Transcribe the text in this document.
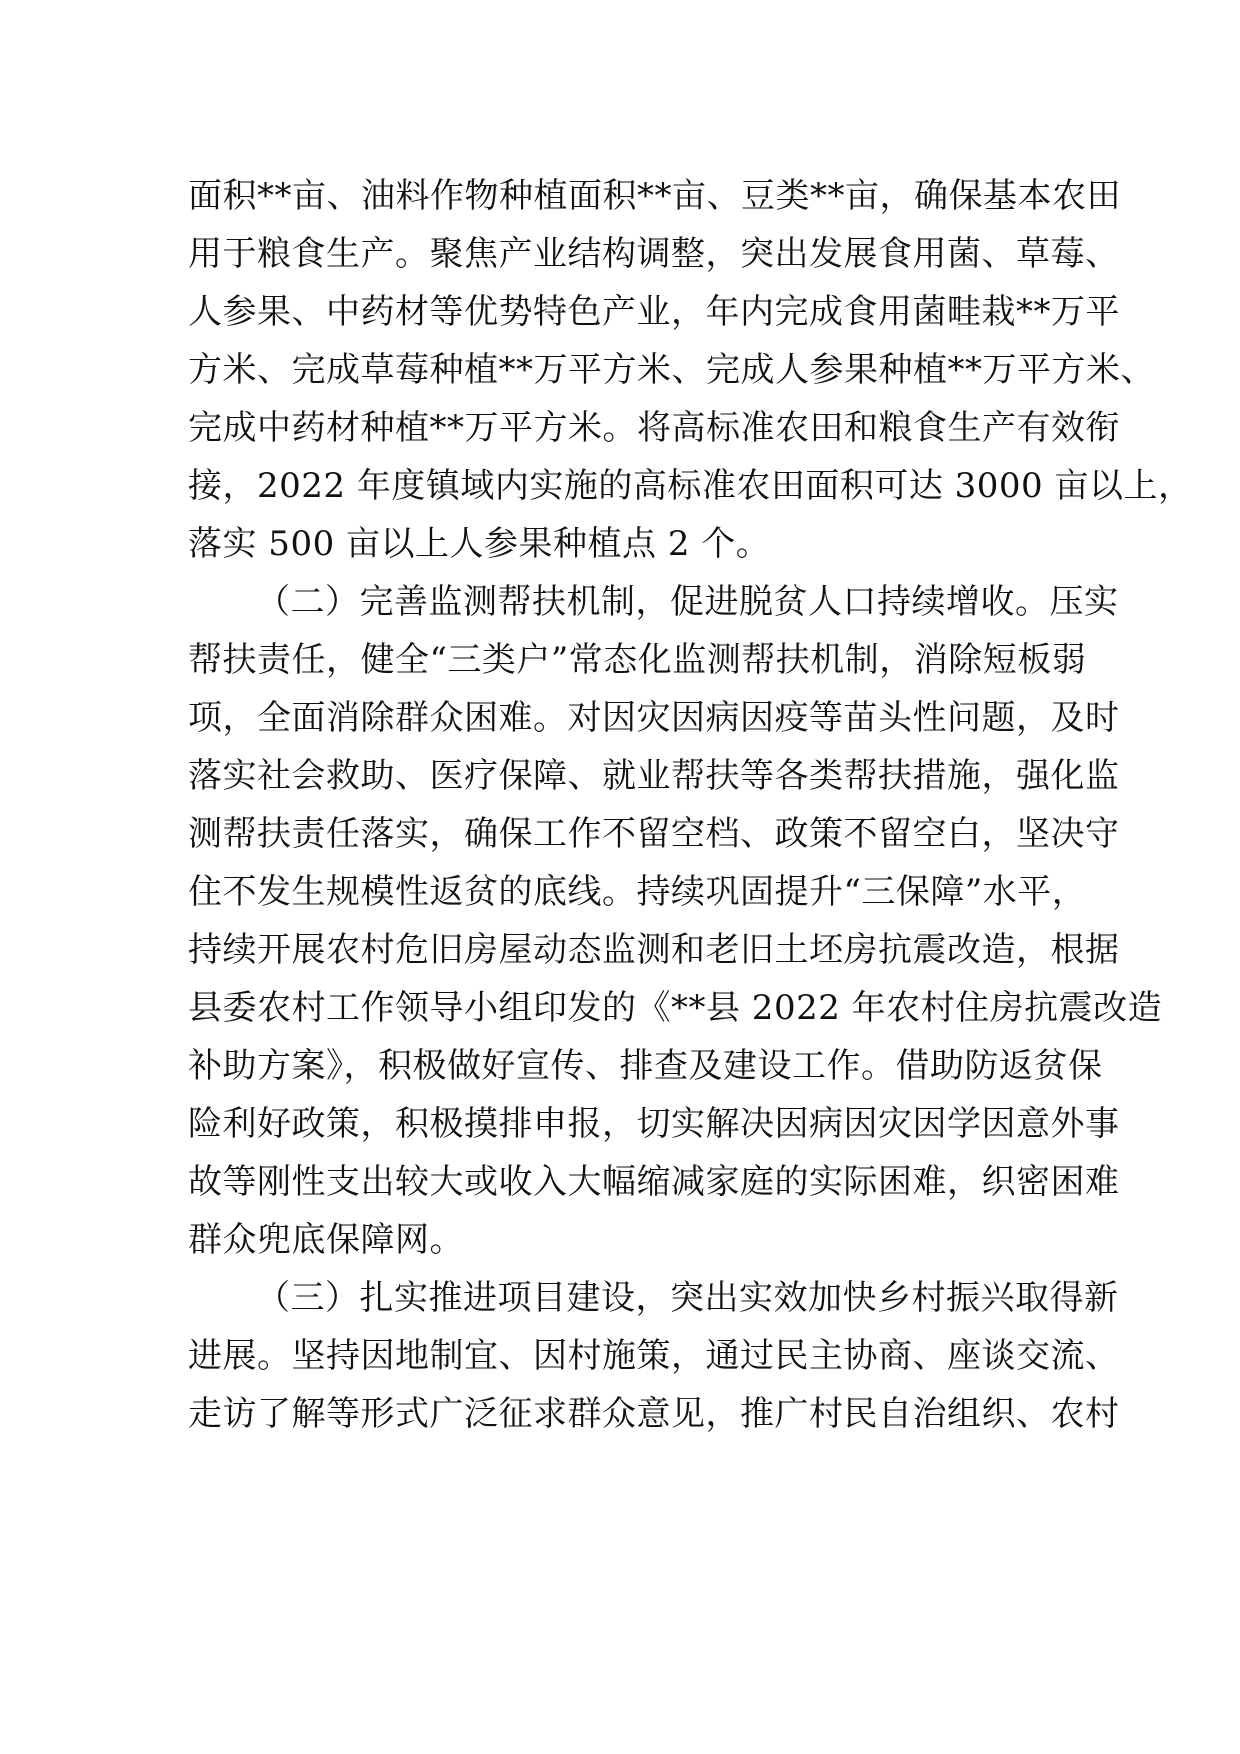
面积**亩、油料作物种植面积**亩、豆类**亩，确保基本农田
用于粮食生产。聚焦产业结构调整，突出发展食用菌、草莓、
人参果、中药材等优势特色产业，年内完成食用菌畦栽**万平
方米、完成草莓种植**万平方米、完成人参果种植**万平方米、
完成中药材种植**万平方米。将高标准农田和粮食生产有效衔
接，2022 年度镇域内实施的高标准农田面积可达 3000 亩以上，
落实 500 亩以上人参果种植点 2 个。
（二）完善监测帮扶机制，促进脱贫人口持续增收。压实
帮扶责任，健全“三类户”常态化监测帮扶机制，消除短板弱
项，全面消除群众困难。对因灾因病因疫等苗头性问题，及时
落实社会救助、医疗保障、就业帮扶等各类帮扶措施，强化监
测帮扶责任落实，确保工作不留空档、政策不留空白，坚决守
住不发生规模性返贫的底线。持续巩固提升“三保障”水平，
持续开展农村危旧房屋动态监测和老旧土坯房抗震改造，根据
县委农村工作领导小组印发的《**县 2022 年农村住房抗震改造
补助方案》，积极做好宣传、排查及建设工作。借助防返贫保
险利好政策，积极摸排申报，切实解决因病因灾因学因意外事
故等刚性支出较大或收入大幅缩减家庭的实际困难，织密困难
群众兜底保障网。
（三）扎实推进项目建设，突出实效加快乡村振兴取得新
进展。坚持因地制宜、因村施策，通过民主协商、座谈交流、
走访了解等形式广泛征求群众意见，推广村民自治组织、农村
